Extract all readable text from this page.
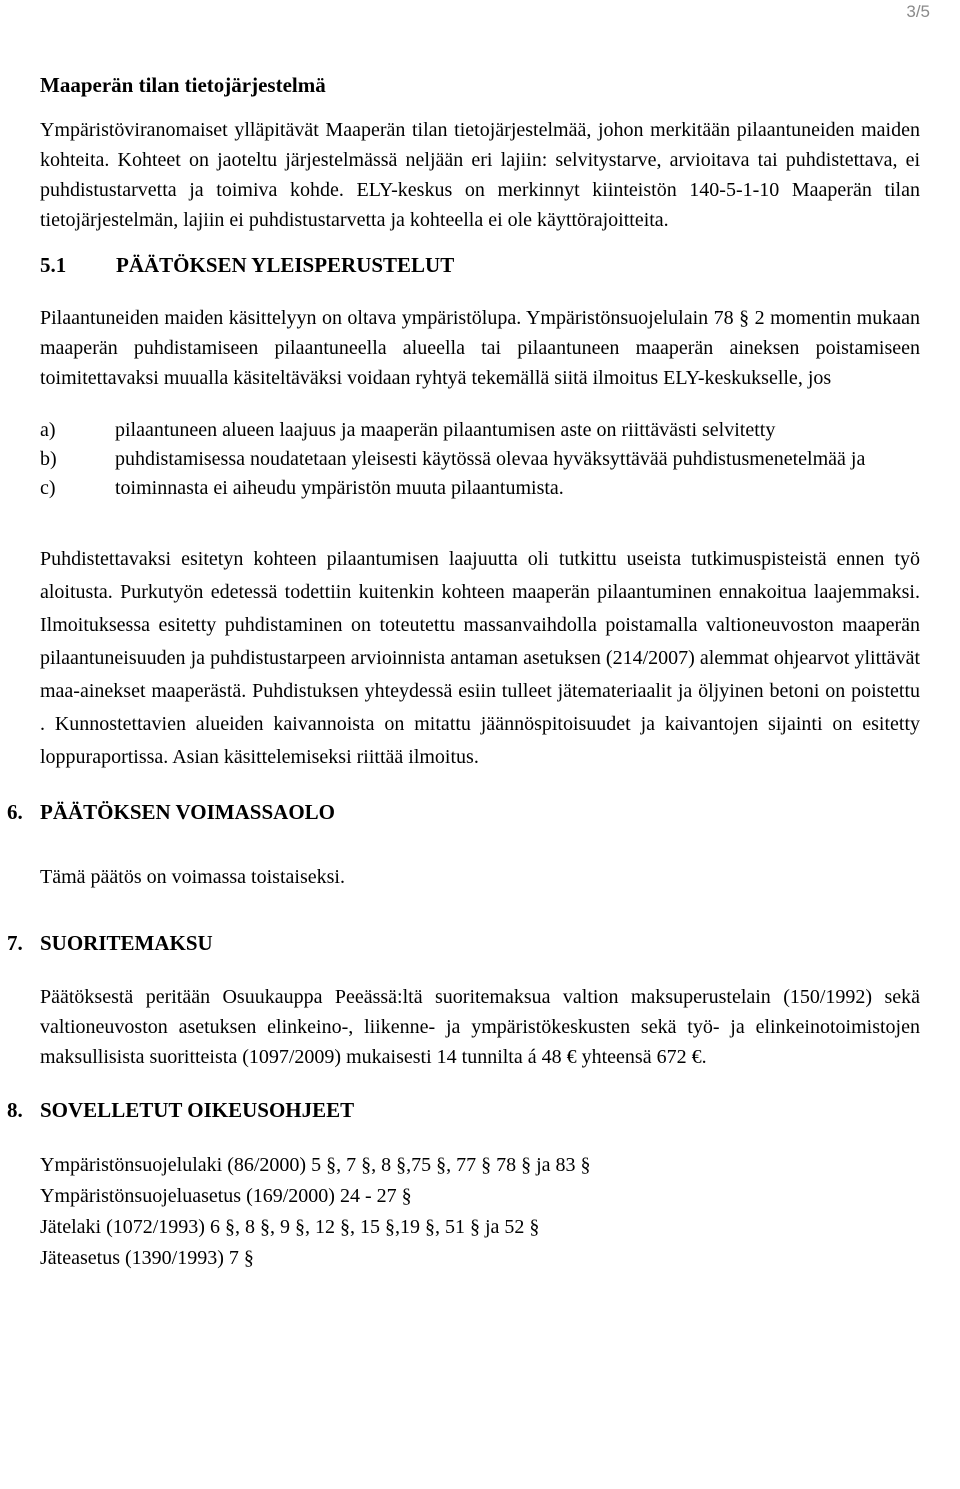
3/5
Maaperän tilan tietojärjestelmä

Ympäristöviranomaiset ylläpitävät Maaperän tilan tietojärjestelmää, johon merkitään pilaantuneiden maiden kohteita. Kohteet on jaoteltu järjestelmässä neljään eri lajiin: selvitystarve, arvioitava tai puhdistettava, ei puhdistustarvetta ja toimiva kohde. ELY-keskus on merkinnyt kiinteistön 140-5-1-10 Maaperän tilan tietojärjestelmän, lajiin ei puhdistustarvetta ja kohteella ei ole käyttörajoitteita.

5.1 PÄÄTÖKSEN YLEISPERUSTELUT

Pilaantuneiden maiden käsittelyyn on oltava ympäristölupa. Ympäristönsuojelulain 78 § 2 momentin mukaan maaperän puhdistamiseen pilaantuneella alueella tai pilaantuneen maaperän aineksen poistamiseen toimitettavaksi muualla käsiteltäväksi voidaan ryhtyä tekemällä siitä ilmoitus ELY-keskukselle, jos

a)	pilaantuneen alueen laajuus ja maaperän pilaantumisen aste on riittävästi selvitetty
b)	puhdistamisessa noudatetaan yleisesti käytössä olevaa hyväksyttävää puhdistusmenetelmää ja
c)	toiminnasta ei aiheudu ympäristön muuta pilaantumista.

Puhdistettavaksi esitetyn kohteen pilaantumisen laajuutta oli tutkittu useista tutkimuspisteistä ennen työ aloitusta. Purkutyön edetessä todettiin kuitenkin kohteen maaperän pilaantuminen ennakoitua laajemmaksi. Ilmoituksessa esitetty puhdistaminen on toteutettu massanvaihdolla poistamalla valtioneuvoston maaperän pilaantuneisuuden ja puhdistustarpeen arvioinnista antaman asetuksen (214/2007) alemmat ohjearvot ylittävät maa-ainekset maaperästä. Puhdistuksen yhteydessä esiin tulleet jätemateriaalit ja öljyinen betoni on poistettu . Kunnostettavien alueiden kaivannoista on mitattu jäännöspitoisuudet ja kaivantojen sijainti on esitetty loppuraportissa. Asian käsittelemiseksi riittää ilmoitus.

6. PÄÄTÖKSEN VOIMASSAOLO

Tämä päätös on voimassa toistaiseksi.

7. SUORITEMAKSU

Päätöksestä peritään Osuukauppa Peeässä:ltä suoritemaksua valtion maksuperustelain (150/1992) sekä valtioneuvoston asetuksen elinkeino-, liikenne- ja ympäristökeskusten sekä työ- ja elinkeinotoimistojen maksullisista suoritteista (1097/2009) mukaisesti 14 tunnilta á 48 € yhteensä 672 €.

8. SOVELLETUT OIKEUSOHJEET
Ympäristönsuojelulaki (86/2000) 5 §, 7 §, 8 §,75 §, 77 § 78 § ja 83 §
Ympäristönsuojeluasetus (169/2000) 24 - 27 §
Jätelaki (1072/1993) 6 §, 8 §, 9 §, 12 §, 15 §,19 §, 51 § ja 52 §
Jäteasetus (1390/1993) 7 §
